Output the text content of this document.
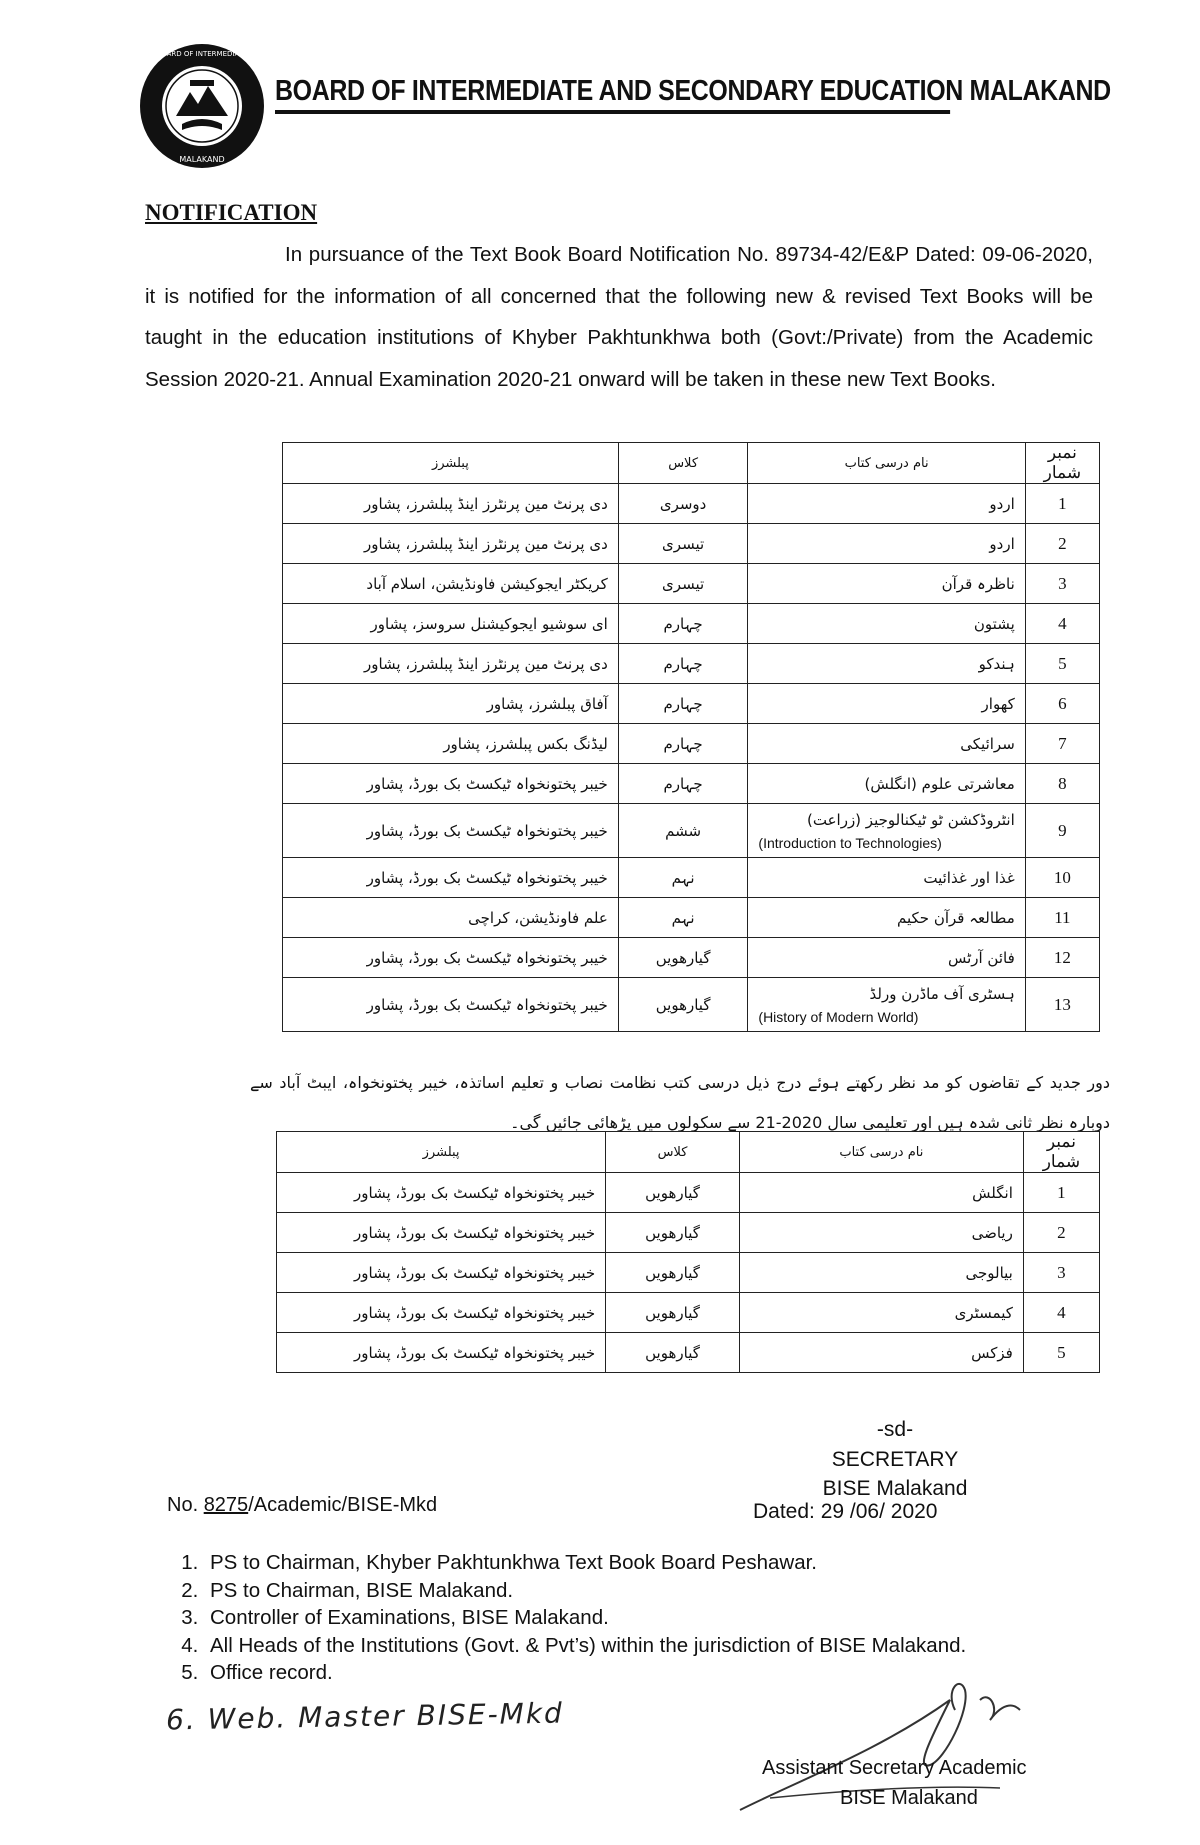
BOARD OF INTERMEDIATE
MALAKAND
BOARD OF INTERMEDIATE AND SECONDARY EDUCATION MALAKAND
NOTIFICATION
In pursuance of the Text Book Board Notification No. 89734-42/E&P Dated: 09-06-2020, it is notified for the information of all concerned that the following new & revised Text Books will be taught in the education institutions of Khyber Pakhtunkhwa both (Govt:/Private) from the Academic Session 2020-21. Annual Examination 2020-21 onward will be taken in these new Text Books.
نمبر شمار	نام درسی کتاب	کلاس	پبلشرز
1	اردو	دوسری	دی پرنٹ مین پرنٹرز اینڈ پبلشرز، پشاور
2	اردو	تیسری	دی پرنٹ مین پرنٹرز اینڈ پبلشرز، پشاور
3	ناظرہ قرآن	تیسری	کریکٹر ایجوکیشن فاونڈیشن، اسلام آباد
4	پشتون	چہارم	ای سوشیو ایجوکیشنل سروسز، پشاور
5	ہندکو	چہارم	دی پرنٹ مین پرنٹرز اینڈ پبلشرز، پشاور
6	کھوار	چہارم	آفاق پبلشرز، پشاور
7	سرائیکی	چہارم	لیڈنگ بکس پبلشرز، پشاور
8	معاشرتی علوم (انگلش)	چہارم	خیبر پختونخواہ ٹیکسٹ بک بورڈ، پشاور
9	انٹروڈکشن ٹو ٹیکنالوجیز (زراعت)
(Introduction to Technologies)	ششم	خیبر پختونخواہ ٹیکسٹ بک بورڈ، پشاور
10	غذا اور غذائیت	نہم	خیبر پختونخواہ ٹیکسٹ بک بورڈ، پشاور
11	مطالعہ قرآن حکیم	نہم	علم فاونڈیشن، کراچی
12	فائن آرٹس	گیارھویں	خیبر پختونخواہ ٹیکسٹ بک بورڈ، پشاور
13	ہسٹری آف ماڈرن ورلڈ
(History of Modern World)	گیارھویں	خیبر پختونخواہ ٹیکسٹ بک بورڈ، پشاور
دور جدید کے تقاضوں کو مد نظر رکھتے ہوئے درج ذیل درسی کتب نظامت نصاب و تعلیم اساتذہ، خیبر پختونخواہ، ایبٹ آباد سے دوبارہ نظر ثانی شدہ ہیں اور تعلیمی سال 2020-21 سے سکولوں میں پڑھائی جائیں گی۔
نمبر شمار	نام درسی کتاب	کلاس	پبلشرز
1	انگلش	گیارھویں	خیبر پختونخواہ ٹیکسٹ بک بورڈ، پشاور
2	ریاضی	گیارھویں	خیبر پختونخواہ ٹیکسٹ بک بورڈ، پشاور
3	بیالوجی	گیارھویں	خیبر پختونخواہ ٹیکسٹ بک بورڈ، پشاور
4	کیمسٹری	گیارھویں	خیبر پختونخواہ ٹیکسٹ بک بورڈ، پشاور
5	فزکس	گیارھویں	خیبر پختونخواہ ٹیکسٹ بک بورڈ، پشاور
-sd-
SECRETARY
BISE Malakand
No. 8275/Academic/BISE-Mkd	Dated: 29 /06/ 2020
1. PS to Chairman, Khyber Pakhtunkhwa Text Book Board Peshawar.
2. PS to Chairman, BISE Malakand.
3. Controller of Examinations, BISE Malakand.
4. All Heads of the Institutions (Govt. & Pvt’s) within the jurisdiction of BISE Malakand.
5. Office record.
6. Web. Master BISE-Mkd
Assistant Secretary Academic
BISE Malakand
